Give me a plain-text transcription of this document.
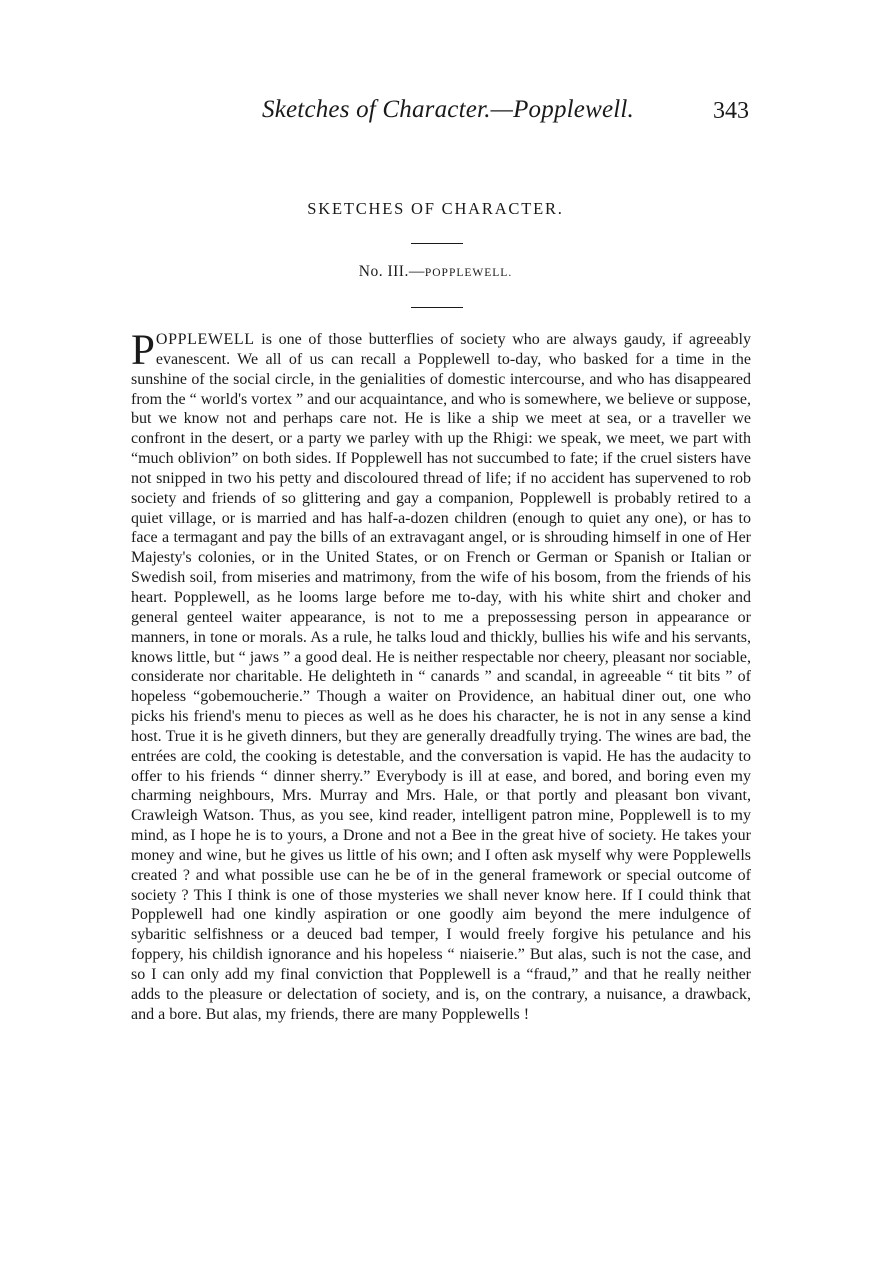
Sketches of Character.—Popplewell.	343
SKETCHES OF CHARACTER.
No. III.—POPPLEWELL.

POPPLEWELL is one of those butterflies of society who are always gaudy, if agreeably evanescent. We all of us can recall a Popplewell to-day, who basked for a time in the sunshine of the social circle, in the genialities of domestic intercourse, and who has disappeared from the “ world's vortex ” and our acquaintance, and who is somewhere, we believe or suppose, but we know not and perhaps care not. He is like a ship we meet at sea, or a traveller we confront in the desert, or a party we parley with up the Rhigi: we speak, we meet, we part with “much oblivion” on both sides. If Popplewell has not succumbed to fate; if the cruel sisters have not snipped in two his petty and discoloured thread of life; if no accident has supervened to rob society and friends of so glittering and gay a companion, Popplewell is probably retired to a quiet village, or is married and has half-a-dozen children (enough to quiet any one), or has to face a termagant and pay the bills of an extravagant angel, or is shrouding himself in one of Her Majesty's colonies, or in the United States, or on French or German or Spanish or Italian or Swedish soil, from miseries and matrimony, from the wife of his bosom, from the friends of his heart. Popplewell, as he looms large before me to-day, with his white shirt and choker and general genteel waiter appearance, is not to me a prepossessing person in appearance or manners, in tone or morals. As a rule, he talks loud and thickly, bullies his wife and his servants, knows little, but “ jaws ” a good deal. He is neither respectable nor cheery, pleasant nor sociable, considerate nor charitable. He delighteth in “ canards ” and scandal, in agreeable “ tit bits ” of hopeless “gobemoucherie.” Though a waiter on Providence, an habitual diner out, one who picks his friend's menu to pieces as well as he does his character, he is not in any sense a kind host. True it is he giveth dinners, but they are generally dreadfully trying. The wines are bad, the entrées are cold, the cooking is detestable, and the conversation is vapid. He has the audacity to offer to his friends “ dinner sherry.” Everybody is ill at ease, and bored, and boring even my charming neighbours, Mrs. Murray and Mrs. Hale, or that portly and pleasant bon vivant, Crawleigh Watson. Thus, as you see, kind reader, intelligent patron mine, Popplewell is to my mind, as I hope he is to yours, a Drone and not a Bee in the great hive of society. He takes your money and wine, but he gives us little of his own; and I often ask myself why were Popplewells created ? and what possible use can he be of in the general framework or special outcome of society ? This I think is one of those mysteries we shall never know here. If I could think that Popplewell had one kindly aspiration or one goodly aim beyond the mere indulgence of sybaritic selfishness or a deuced bad temper, I would freely forgive his petulance and his foppery, his childish ignorance and his hopeless “ niaiserie.” But alas, such is not the case, and so I can only add my final conviction that Popplewell is a “fraud,” and that he really neither adds to the pleasure or delectation of society, and is, on the contrary, a nuisance, a drawback, and a bore. But alas, my friends, there are many Popplewells !
